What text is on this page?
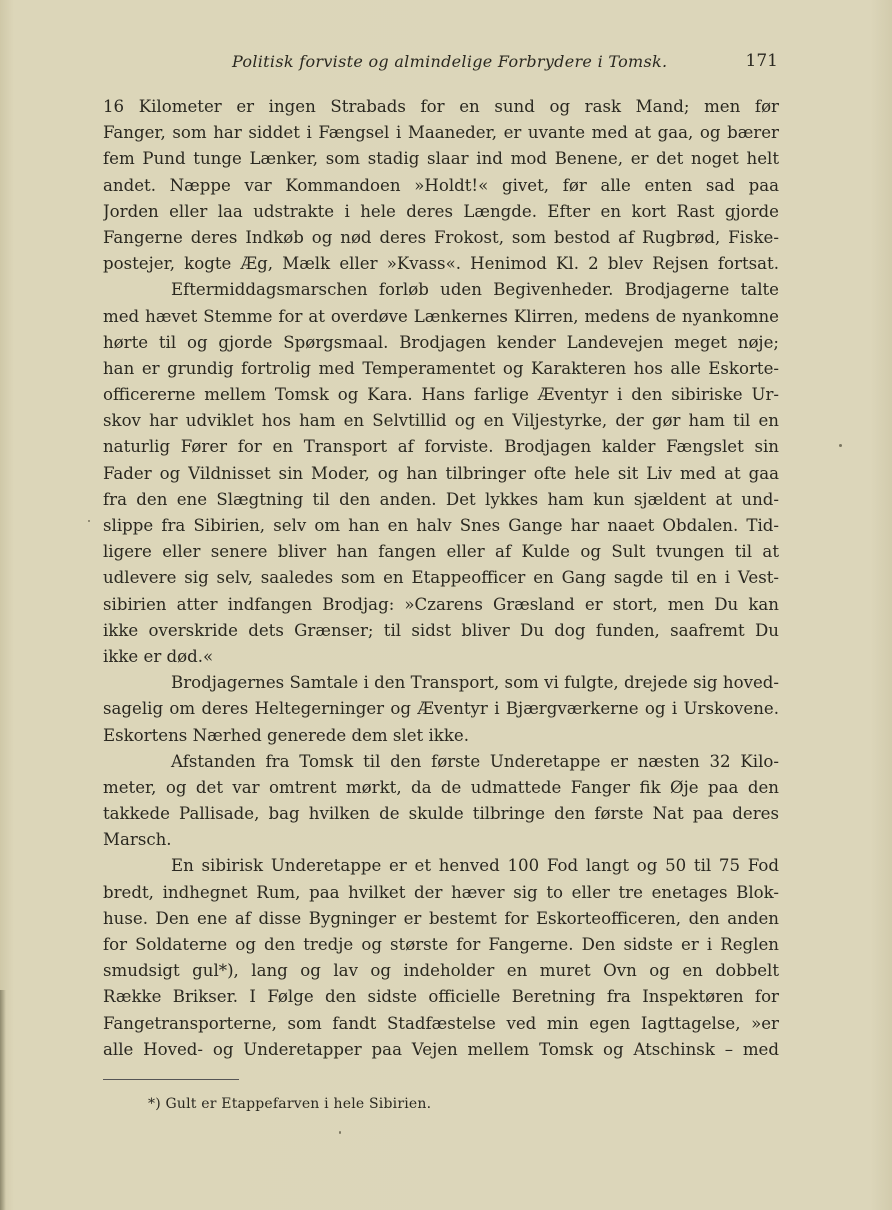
Politisk forviste og almindelige Forbrydere i Tomsk.	171
16 Kilometer er ingen Strabads for en sund og rask Mand; men før
Fanger, som har siddet i Fængsel i Maaneder, er uvante med at gaa, og bærer
fem Pund tunge Lænker, som stadig slaar ind mod Benene, er det noget helt
andet. Næppe var Kommandoen »Holdt!« givet, før alle enten sad paa
Jorden eller laa udstrakte i hele deres Længde. Efter en kort Rast gjorde
Fangerne deres Indkøb og nød deres Frokost, som bestod af Rugbrød, Fiske-
postejer, kogte Æg, Mælk eller »Kvass«. Henimod Kl. 2 blev Rejsen fortsat.
Eftermiddagsmarschen forløb uden Begivenheder. Brodjagerne talte
med hævet Stemme for at overdøve Lænkernes Klirren, medens de nyankomne
hørte til og gjorde Spørgsmaal. Brodjagen kender Landevejen meget nøje;
han er grundig fortrolig med Temperamentet og Karakteren hos alle Eskorte-
officererne mellem Tomsk og Kara. Hans farlige Æventyr i den sibiriske Ur-
skov har udviklet hos ham en Selvtillid og en Viljestyrke, der gør ham til en
naturlig Fører for en Transport af forviste. Brodjagen kalder Fængslet sin
Fader og Vildnisset sin Moder, og han tilbringer ofte hele sit Liv med at gaa
fra den ene Slægtning til den anden. Det lykkes ham kun sjældent at und-
slippe fra Sibirien, selv om han en halv Snes Gange har naaet Obdalen. Tid-
ligere eller senere bliver han fangen eller af Kulde og Sult tvungen til at
udlevere sig selv, saaledes som en Etappeofficer en Gang sagde til en i Vest-
sibirien atter indfangen Brodjag: »Czarens Græsland er stort, men Du kan
ikke overskride dets Grænser; til sidst bliver Du dog funden, saafremt Du
ikke er død.«
Brodjagernes Samtale i den Transport, som vi fulgte, drejede sig hoved-
sagelig om deres Heltegerninger og Æventyr i Bjærgværkerne og i Urskovene.
Eskortens Nærhed generede dem slet ikke.
Afstanden fra Tomsk til den første Underetappe er næsten 32 Kilo-
meter, og det var omtrent mørkt, da de udmattede Fanger fik Øje paa den
takkede Pallisade, bag hvilken de skulde tilbringe den første Nat paa deres
Marsch.
En sibirisk Underetappe er et henved 100 Fod langt og 50 til 75 Fod
bredt, indhegnet Rum, paa hvilket der hæver sig to eller tre enetages Blok-
huse. Den ene af disse Bygninger er bestemt for Eskorteofficeren, den anden
for Soldaterne og den tredje og største for Fangerne. Den sidste er i Reglen
smudsigt gul*), lang og lav og indeholder en muret Ovn og en dobbelt
Række Brikser. I Følge den sidste officielle Beretning fra Inspektøren for
Fangetransporterne, som fandt Stadfæstelse ved min egen Iagttagelse, »er
alle Hoved- og Underetapper paa Vejen mellem Tomsk og Atschinsk – med
*) Gult er Etappefarven i hele Sibirien.
